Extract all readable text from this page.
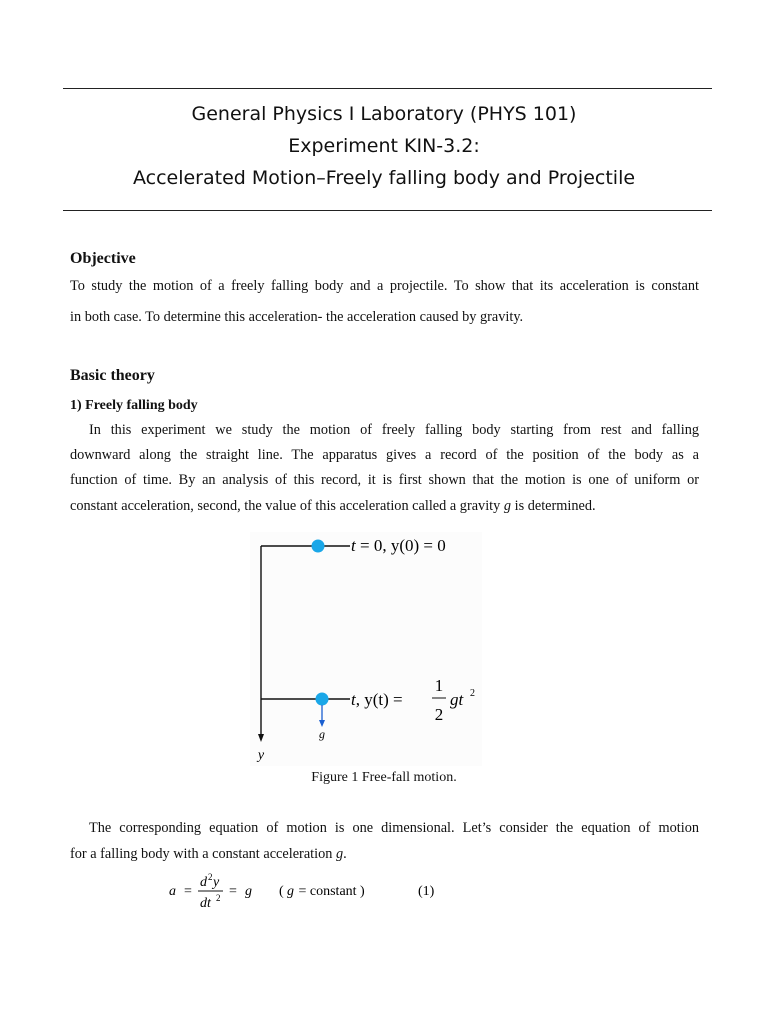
General Physics I Laboratory (PHYS 101)
Experiment KIN-3.2:
Accelerated Motion–Freely falling body and Projectile
Objective
To study the motion of a freely falling body and a projectile. To show that its acceleration is constant
in both case. To determine this acceleration- the acceleration caused by gravity.
Basic theory
1) Freely falling body
In this experiment we study the motion of freely falling body starting from rest and falling
downward along the straight line. The apparatus gives a record of the position of the body as a
function of time. By an analysis of this record, it is first shown that the motion is one of uniform or
constant acceleration, second, the value of this acceleration called a gravity g is determined.
y
t = 0, y(0) = 0
g
t, y(t) =
1
2
gt 2
Figure 1 Free-fall motion.
The corresponding equation of motion is one dimensional. Let’s consider the equation of motion
for a falling body with a constant acceleration g.
a =
d 2 y
dt 2 = g ( g = constant )	(1)
